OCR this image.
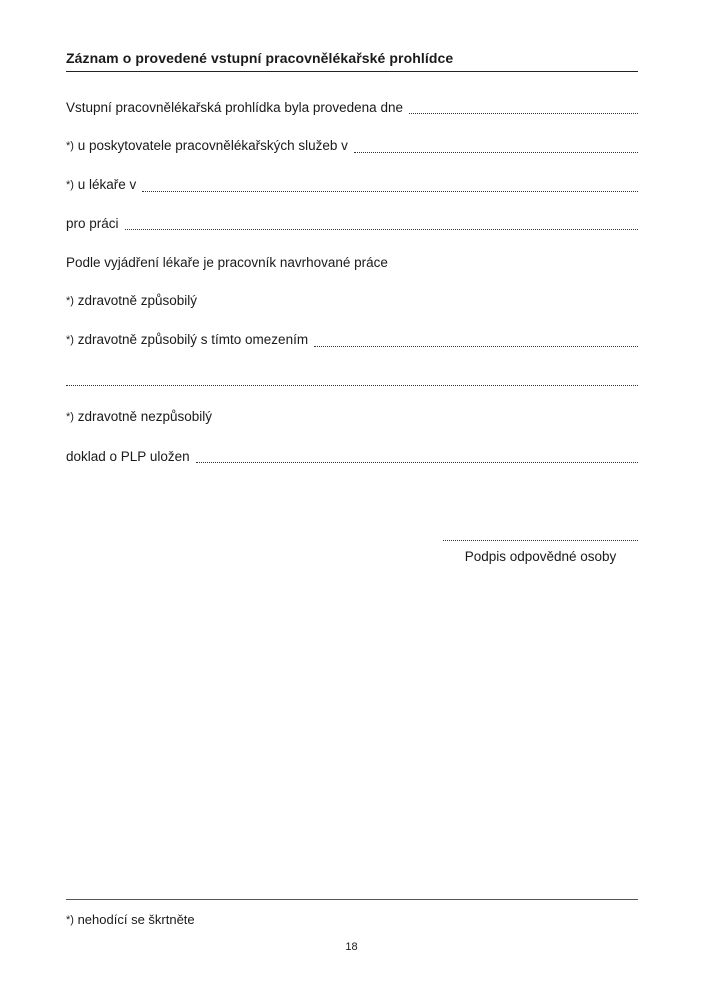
Záznam o provedené vstupní pracovnělékařské prohlídce
Vstupní pracovnělékařská prohlídka byla provedena dne
*) u poskytovatele pracovnělékařských služeb v
*) u lékaře v
pro práci
Podle vyjádření lékaře je pracovník navrhované práce
*) zdravotně způsobilý
*) zdravotně způsobilý s tímto omezením
*) zdravotně nezpůsobilý
doklad o PLP uložen
Podpis odpovědné osoby
*) nehodící se škrtněte
18
